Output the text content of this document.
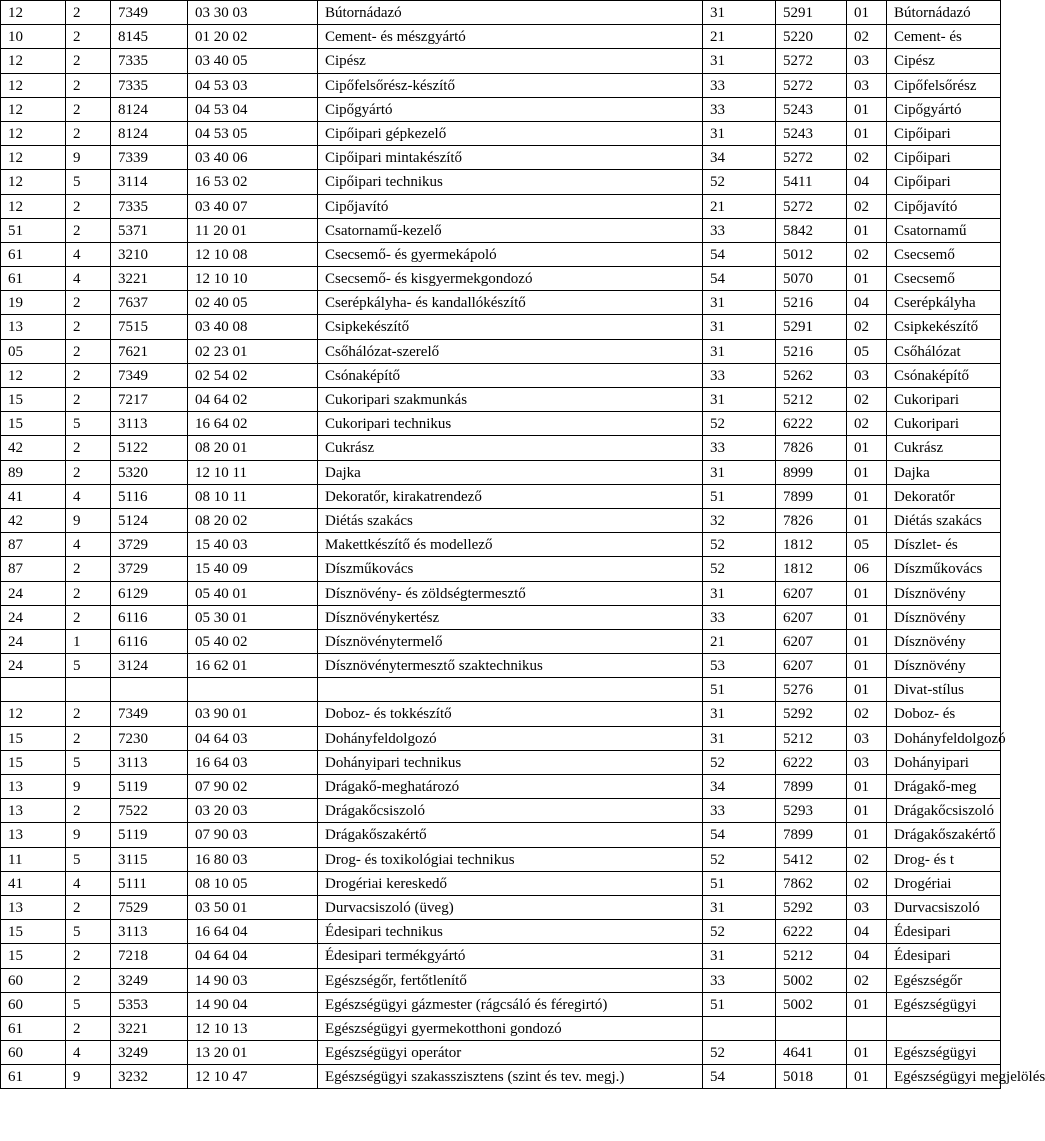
12	2	7349	03 30 03	Bútornádazó	31	5291	01	Bútornádazó
10	2	8145	01 20 02	Cement- és mészgyártó	21	5220	02	Cement- és
12	2	7335	03 40 05	Cipész	31	5272	03	Cipész
12	2	7335	04 53 03	Cipőfelsőrész-készítő	33	5272	03	Cipőfelsőrész
12	2	8124	04 53 04	Cipőgyártó	33	5243	01	Cipőgyártó
12	2	8124	04 53 05	Cipőipari gépkezelő	31	5243	01	Cipőipari
12	9	7339	03 40 06	Cipőipari mintakészítő	34	5272	02	Cipőipari
12	5	3114	16 53 02	Cipőipari technikus	52	5411	04	Cipőipari
12	2	7335	03 40 07	Cipőjavító	21	5272	02	Cipőjavító
51	2	5371	11 20 01	Csatornamű-kezelő	33	5842	01	Csatornamű
61	4	3210	12 10 08	Csecsemő- és gyermekápoló	54	5012	02	Csecsemő
61	4	3221	12 10 10	Csecsemő- és kisgyermekgondozó	54	5070	01	Csecsemő
19	2	7637	02 40 05	Cserépkályha- és kandallókészítő	31	5216	04	Cserépkályha
13	2	7515	03 40 08	Csipkekészítő	31	5291	02	Csipkekészítő
05	2	7621	02 23 01	Csőhálózat-szerelő	31	5216	05	Csőhálózat
12	2	7349	02 54 02	Csónaképítő	33	5262	03	Csónaképítő
15	2	7217	04 64 02	Cukoripari szakmunkás	31	5212	02	Cukoripari
15	5	3113	16 64 02	Cukoripari technikus	52	6222	02	Cukoripari
42	2	5122	08 20 01	Cukrász	33	7826	01	Cukrász
89	2	5320	12 10 11	Dajka	31	8999	01	Dajka
41	4	5116	08 10 11	Dekoratőr, kirakatrendező	51	7899	01	Dekoratőr
42	9	5124	08 20 02	Diétás szakács	32	7826	01	Diétás szakács
87	4	3729	15 40 03	Makettkészítő és modellező	52	1812	05	Díszlet- és
87	2	3729	15 40 09	Díszműkovács	52	1812	06	Díszműkovács
24	2	6129	05 40 01	Dísznövény- és zöldségtermesztő	31	6207	01	Dísznövény
24	2	6116	05 30 01	Dísznövénykertész	33	6207	01	Dísznövény
24	1	6116	05 40 02	Dísznövénytermelő	21	6207	01	Dísznövény
24	5	3124	16 62 01	Dísznövénytermesztő szaktechnikus	53	6207	01	Dísznövény
					51	5276	01	Divat-stílus
12	2	7349	03 90 01	Doboz- és tokkészítő	31	5292	02	Doboz- és
15	2	7230	04 64 03	Dohányfeldolgozó	31	5212	03	Dohányfeldolgozó
15	5	3113	16 64 03	Dohányipari technikus	52	6222	03	Dohányipari
13	9	5119	07 90 02	Drágakő-meghatározó	34	7899	01	Drágakő-meg
13	2	7522	03 20 03	Drágakőcsiszoló	33	5293	01	Drágakőcsiszoló
13	9	5119	07 90 03	Drágakőszakértő	54	7899	01	Drágakőszakértő
11	5	3115	16 80 03	Drog- és toxikológiai technikus	52	5412	02	Drog- és t
41	4	5111	08 10 05	Drogériai kereskedő	51	7862	02	Drogériai
13	2	7529	03 50 01	Durvacsiszoló (üveg)	31	5292	03	Durvacsiszoló
15	5	3113	16 64 04	Édesipari technikus	52	6222	04	Édesipari
15	2	7218	04 64 04	Édesipari termékgyártó	31	5212	04	Édesipari
60	2	3249	14 90 03	Egészségőr, fertőtlenítő	33	5002	02	Egészségőr
60	5	5353	14 90 04	Egészségügyi gázmester (rágcsáló és féregirtó)	51	5002	01	Egészségügyi
61	2	3221	12 10 13	Egészségügyi gyermekotthoni gondozó				
60	4	3249	13 20 01	Egészségügyi operátor	52	4641	01	Egészségügyi
61	9	3232	12 10 47	Egészségügyi szakasszisztens (szint és tev. megj.)	54	5018	01	Egészségügyi megjelölés
